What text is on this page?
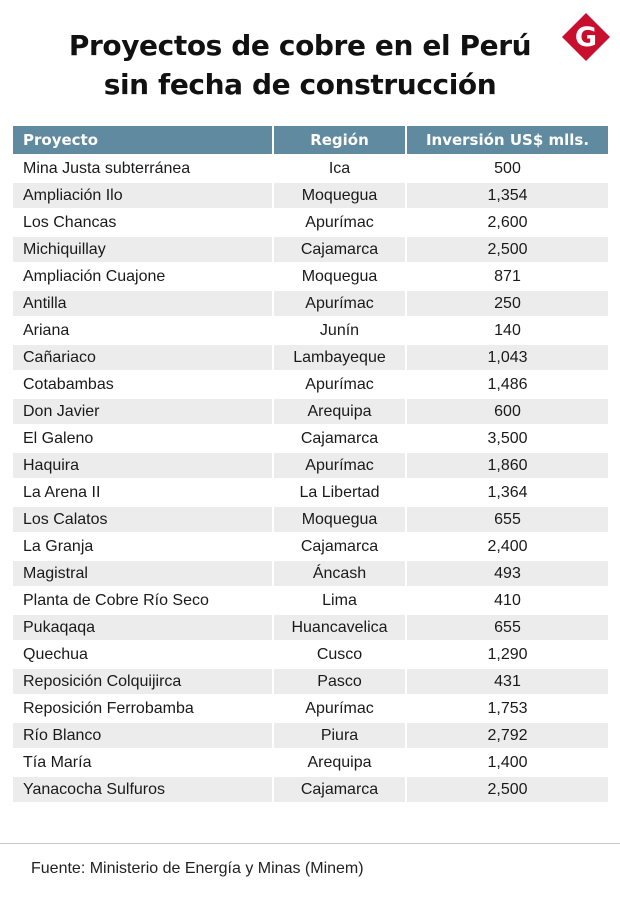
Proyectos de cobre en el Perú
sin fecha de construcción
G
Proyecto	Región	Inversión US$ mlls.
Mina Justa subterránea	Ica	500
Ampliación Ilo	Moquegua	1,354
Los Chancas	Apurímac	2,600
Michiquillay	Cajamarca	2,500
Ampliación Cuajone	Moquegua	871
Antilla	Apurímac	250
Ariana	Junín	140
Cañariaco	Lambayeque	1,043
Cotabambas	Apurímac	1,486
Don Javier	Arequipa	600
El Galeno	Cajamarca	3,500
Haquira	Apurímac	1,860
La Arena II	La Libertad	1,364
Los Calatos	Moquegua	655
La Granja	Cajamarca	2,400
Magistral	Áncash	493
Planta de Cobre Río Seco	Lima	410
Pukaqaqa	Huancavelica	655
Quechua	Cusco	1,290
Reposición Colquijirca	Pasco	431
Reposición Ferrobamba	Apurímac	1,753
Río Blanco	Piura	2,792
Tía María	Arequipa	1,400
Yanacocha Sulfuros	Cajamarca	2,500
Fuente: Ministerio de Energía y Minas (Minem)
